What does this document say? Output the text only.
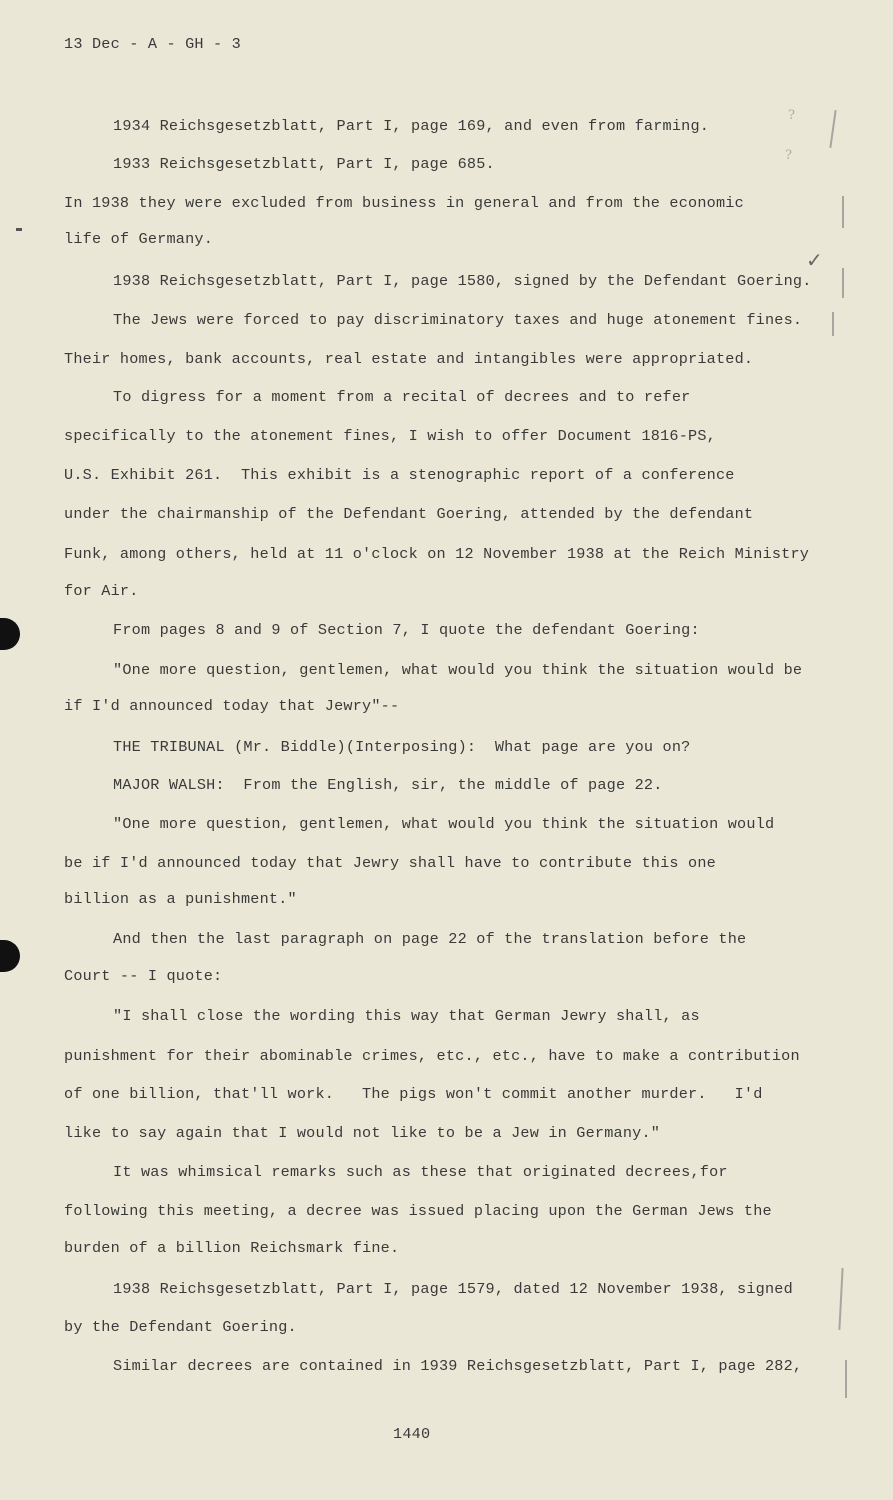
13 Dec - A - GH - 3
1934 Reichsgesetzblatt, Part I, page 169, and even from farming.
1933 Reichsgesetzblatt, Part I, page 685.
In 1938 they were excluded from business in general and from the economic
life of Germany.
1938 Reichsgesetzblatt, Part I, page 1580, signed by the Defendant Goering.
The Jews were forced to pay discriminatory taxes and huge atonement fines.
Their homes, bank accounts, real estate and intangibles were appropriated.
To digress for a moment from a recital of decrees and to refer
specifically to the atonement fines, I wish to offer Document 1816-PS,
U.S. Exhibit 261.  This exhibit is a stenographic report of a conference
under the chairmanship of the Defendant Goering, attended by the defendant
Funk, among others, held at 11 o'clock on 12 November 1938 at the Reich Ministry
for Air.
From pages 8 and 9 of Section 7, I quote the defendant Goering:
"One more question, gentlemen, what would you think the situation would be
if I'd announced today that Jewry"--
THE TRIBUNAL (Mr. Biddle)(Interposing):  What page are you on?
MAJOR WALSH:  From the English, sir, the middle of page 22.
"One more question, gentlemen, what would you think the situation would
be if I'd announced today that Jewry shall have to contribute this one
billion as a punishment."
And then the last paragraph on page 22 of the translation before the
Court -- I quote:
"I shall close the wording this way that German Jewry shall, as
punishment for their abominable crimes, etc., etc., have to make a contribution
of one billion, that'll work.   The pigs won't commit another murder.   I'd
like to say again that I would not like to be a Jew in Germany."
It was whimsical remarks such as these that originated decrees,for
following this meeting, a decree was issued placing upon the German Jews the
burden of a billion Reichsmark fine.
1938 Reichsgesetzblatt, Part I, page 1579, dated 12 November 1938, signed
by the Defendant Goering.
Similar decrees are contained in 1939 Reichsgesetzblatt, Part I, page 282,
1440
?
?
✓
